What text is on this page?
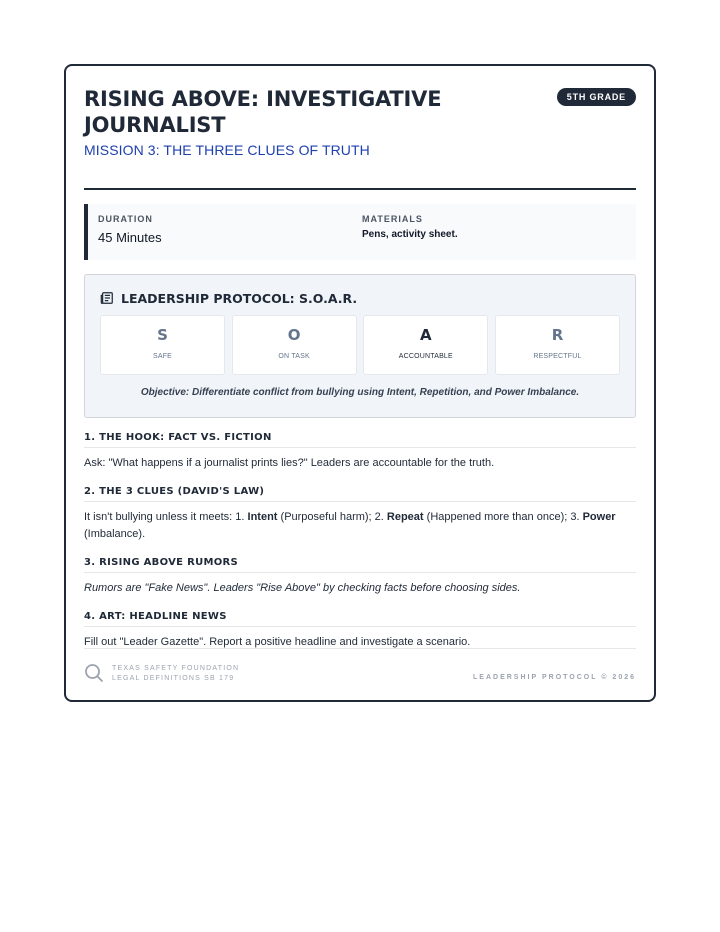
RISING ABOVE: INVESTIGATIVE JOURNALIST
MISSION 3: THE THREE CLUES OF TRUTH
5TH GRADE
DURATION
45 Minutes
MATERIALS
Pens, activity sheet.
LEADERSHIP PROTOCOL: S.O.A.R.
S
SAFE
O
ON TASK
A
ACCOUNTABLE
R
RESPECTFUL
Objective: Differentiate conflict from bullying using Intent, Repetition, and Power Imbalance.
1. THE HOOK: FACT VS. FICTION
Ask: "What happens if a journalist prints lies?" Leaders are accountable for the truth.
2. THE 3 CLUES (DAVID'S LAW)
It isn't bullying unless it meets: 1. Intent (Purposeful harm); 2. Repeat (Happened more than once); 3. Power (Imbalance).
3. RISING ABOVE RUMORS
Rumors are "Fake News". Leaders "Rise Above" by checking facts before choosing sides.
4. ART: HEADLINE NEWS
Fill out "Leader Gazette". Report a positive headline and investigate a scenario.
TEXAS SAFETY FOUNDATION
LEGAL DEFINITIONS SB 179	LEADERSHIP PROTOCOL © 2026
